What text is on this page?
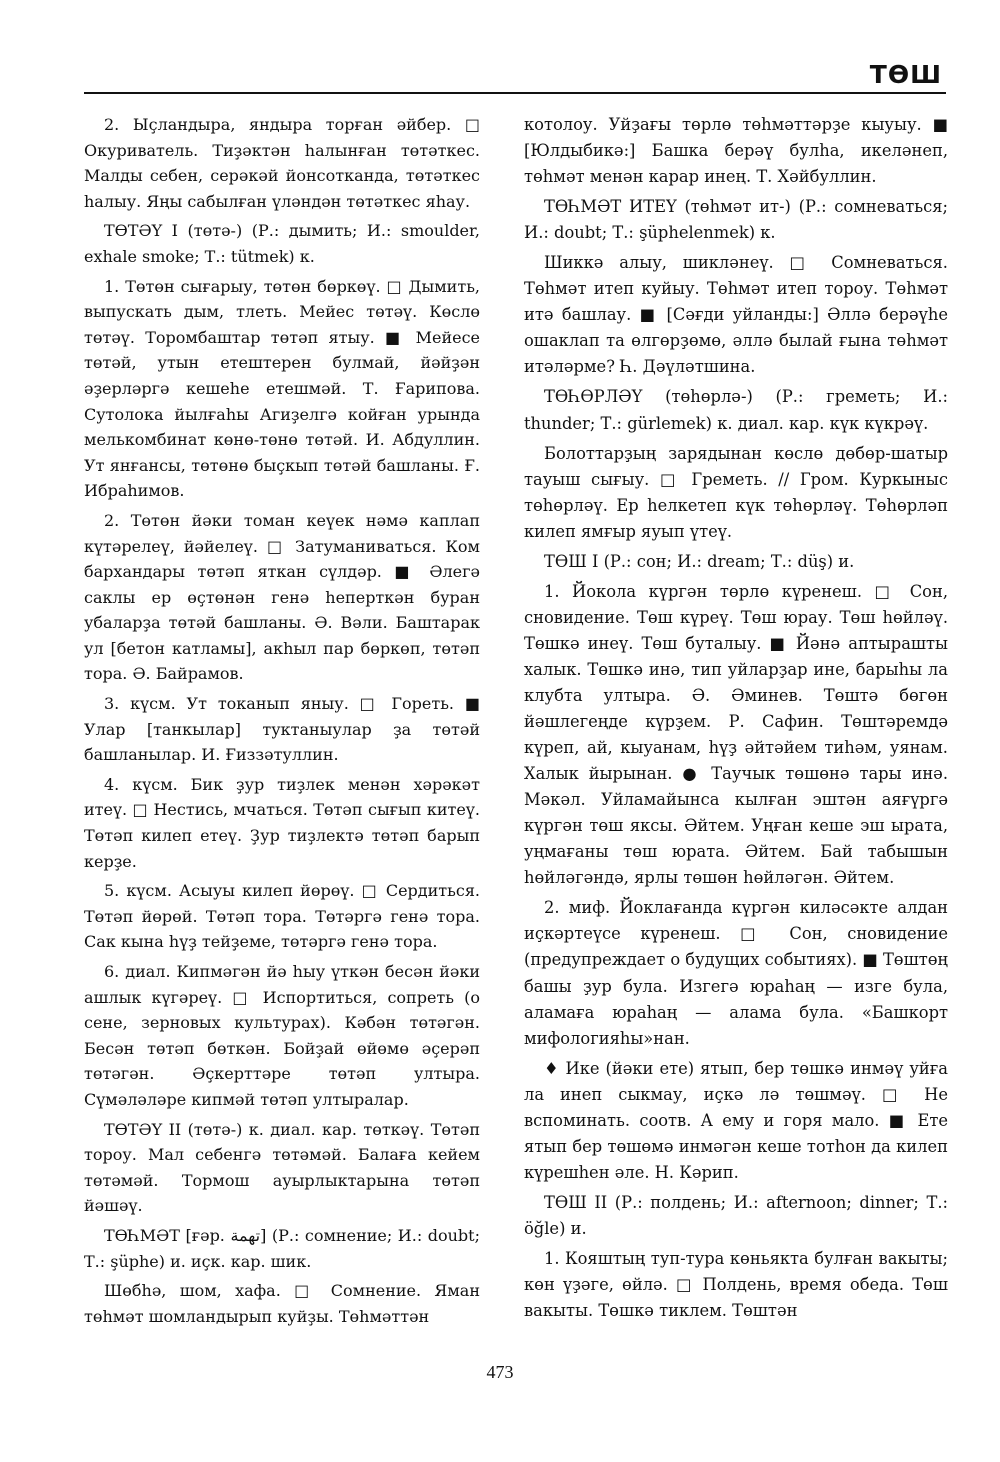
ТӨШ

2. Ыҫландыра, яндыра торған әйбер. □ Окуриватель. Тиҙәктән һалынған төтәткес. Малды себен, серәкәй йонсотканда, төтәткес һалыу. Яңы сабылған үләндән төтәткес яһау.

ТӨТӘҮ I (төтә-) (Р.: дымить; И.: smoulder, exhale smoke; Т.: tütmek) к.

1. Төтөн сығарыу, төтөн бөркөү. □ Дымить, выпускать дым, тлеть. Мейес төтәү. Көслө төтәү. Торомбаштар төтәп ятыу. ■ Мейесе төтәй, утын етештерен булмай, йәйҙән әҙерләргә кешеһе етешмәй. Т. Ғарипова. Сутолока йылғаһы Агиҙелгә койған урында мелькомбинат көнө-төнө төтәй. И. Абдуллин. Ут янғансы, төтөнө быҫкып төтәй башланы. Ғ. Ибраһимов.

2. Төтөн йәки томан кеүек нәмә каплап күтәрелеү, йәйелеү. □ Затуманиваться. Ком бархандары төтәп яткан сүлдәр. ■ Әлегә саклы ер өҫтөнән генә һеперткән буран убаларҙа төтәй башланы. Ә. Вәли. Баштарак ул [бетон катламы], акһыл пар бөркөп, төтәп тора. Ә. Байрамов.

3. күсм. Ут токанып яныу. □ Гореть. ■ Улар [танкылар] туктаныулар ҙа төтәй башланылар. И. Ғиззәтуллин.

4. күсм. Бик ҙур тиҙлек менән хәрәкәт итеү. □ Нестись, мчаться. Төтәп сығып китеү. Төтәп килеп етеү. Ҙур тиҙлектә төтәп барып керҙе.

5. күсм. Асыуы килеп йөрөү. □ Сердиться. Төтәп йөрөй. Төтәп тора. Төтәргә генә тора. Сак кына һүҙ тейҙеме, төтәргә генә тора.

6. диал. Кипмәгән йә һыу үткән бесән йәки ашлык күгәреү. □ Испортиться, сопреть (о сене, зерновых культурах). Кәбән төтәгән. Бесән төтәп бөткән. Бойҙай өйөмө әҫерәп төтәгән. Әҫкерттәре төтәп ултыра. Сүмәләләре кипмәй төтәп ултыралар.

ТӨТӘҮ II (төтә-) к. диал. кар. төткәү. Төтәп тороу. Мал себенгә төтәмәй. Балаға кейем төтәмәй. Тормош ауырлыктарына төтәп йәшәү.

ТӨҺМӘТ [ғәр. تهمة] (Р.: сомнение; И.: doubt; Т.: şüphe) и. иҫк. кар. шик.

Шөбһә, шом, хафа. □ Сомнение. Яман төһмәт шомландырып куйҙы. Төһмәттән

котолоу. Уйҙағы төрлө төһмәттәрҙе кыуыу. ■ [Юлдыбикә:] Башка берәү булһа, икеләнеп, төһмәт менән карар инең. Т. Хәйбуллин.

ТӨҺМӘТ ИТЕҮ (төһмәт ит-) (Р.: сомневаться; И.: doubt; Т.: şüphelenmek) к.

Шиккә алыу, шикләнеү. □ Сомневаться. Төһмәт итеп куйыу. Төһмәт итеп тороу. Төһмәт итә башлау. ■ [Сәғди уйланды:] Әллә берәүһе ошаклап та өлгөрҙөмө, әллә былай ғына төһмәт итәләрме? Һ. Дәүләтшина.

ТӨҺӨРЛӘҮ (төһөрлә-) (Р.: греметь; И.: thunder; Т.: gürlemek) к. диал. кар. күк күкрәү.

Болоттарҙың зарядынан көслө дөбөр-шатыр тауыш сығыу. □ Греметь. // Гром. Куркыныс төһөрләү. Ер һелкетеп күк төһөрләү. Төһөрләп килеп ямғыр яуып үтеү.

ТӨШ I (Р.: сон; И.: dream; Т.: düş) и.

1. Йокола күргән төрлө күренеш. □ Сон, сновидение. Төш күреү. Төш юрау. Төш һөйләү. Төшкә инеү. Төш буталыу. ■ Йәнә аптырашты халык. Төшкә инә, тип уйларҙар ине, барыһы ла клубта ултыра. Ә. Әминев. Төштә бөгөн йәшлегеңде күрҙем. Р. Сафин. Төштәремдә күреп, ай, кыуанам, һүҙ әйтәйем тиһәм, уянам. Халык йырынан. ● Таучык төшөнә тары инә. Мәкәл. Уйламайынса кылған эштән аяғүргә күргән төш яксы. Әйтем. Уңған кеше эш ырата, уңмағаны төш юрата. Әйтем. Бай табышын һөйләгәндә, ярлы төшөн һөйләгән. Әйтем.

2. миф. Йоклағанда күргән киләсәкте алдан иҫкәртеүсе күренеш. □ Сон, сновидение (предупреждает о будущих событиях). ■ Төштөң башы ҙур була. Изгегә юраһаң — изге була, аламаға юраһаң — алама була. «Башкорт мифологияһы»нан.

♦ Ике (йәки ете) ятып, бер төшкә инмәү уйға ла инеп сыкмау, иҫкә лә төшмәү. □ Не вспоминать. соотв. А ему и горя мало. ■ Ете ятып бер төшөмә инмәгән кеше тотһон да килеп күрешһен әле. Н. Кәрип.

ТӨШ II (Р.: полдень; И.: afternoon; dinner; Т.: öğle) и.

1. Кояштың туп-тура көньякта булған вакыты; көн үҙәге, өйлә. □ Полдень, время обеда. Төш вакыты. Төшкә тиклем. Төштән

473
